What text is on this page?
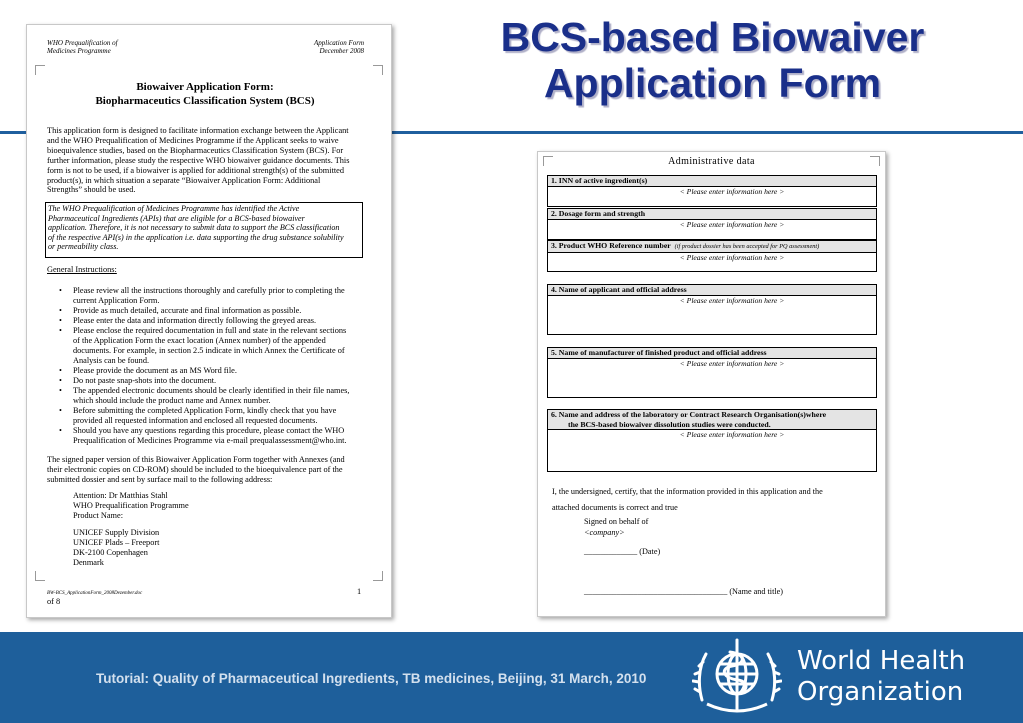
WHO Prequalification of
Medicines Programme
Application Form
December 2008
Biowaiver Application Form:
Biopharmaceutics Classification System (BCS)
This application form is designed to facilitate information exchange between the Applicant
and the WHO Prequalification of Medicines Programme if the Applicant seeks to waive
bioequivalence studies, based on the Biopharmaceutics Classification System (BCS). For
further information, please study the respective WHO biowaiver guidance documents. This
form is not to be used, if a biowaiver is applied for additional strength(s) of the submitted
product(s), in which situation a separate “Biowaiver Application Form: Additional
Strengths” should be used.
The WHO Prequalification of Medicines Programme has identified the Active
Pharmaceutical Ingredients (APIs) that are eligible for a BCS-based biowaiver
application. Therefore, it is not necessary to submit data to support the BCS classification
of the respective API(s) in the application i.e. data supporting the drug substance solubility
or permeability class.
General Instructions:
• Please review all the instructions thoroughly and carefully prior to completing the
current Application Form.
• Provide as much detailed, accurate and final information as possible.
• Please enter the data and information directly following the greyed areas.
• Please enclose the required documentation in full and state in the relevant sections
of the Application Form the exact location (Annex number) of the appended
documents. For example, in section 2.5 indicate in which Annex the Certificate of
Analysis can be found.
• Please provide the document as an MS Word file.
• Do not paste snap-shots into the document.
• The appended electronic documents should be clearly identified in their file names,
which should include the product name and Annex number.
• Before submitting the completed Application Form, kindly check that you have
provided all requested information and enclosed all requested documents.
• Should you have any questions regarding this procedure, please contact the WHO
Prequalification of Medicines Programme via e-mail prequalassessment@who.int.
The signed paper version of this Biowaiver Application Form together with Annexes (and
their electronic copies on CD-ROM) should be included to the bioequivalence part of the
submitted dossier and sent by surface mail to the following address:
Attention: Dr Matthias Stahl
WHO Prequalification Programme
Product Name:
UNICEF Supply Division
UNICEF Plads – Freeport
DK-2100 Copenhagen
Denmark
BW-BCS_ApplicationForm_2008Dezember.doc	1
of 8
BCS-based Biowaiver
Application Form
Administrative data
1. INN of active ingredient(s)
< Please enter information here >
2. Dosage form and strength
< Please enter information here >
3. Product WHO Reference number (if product dossier has been accepted for PQ assessment)
< Please enter information here >
4. Name of applicant and official address
< Please enter information here >
5. Name of manufacturer of finished product and official address
< Please enter information here >
6. Name and address of the laboratory or Contract Research Organisation(s)where
the BCS-based biowaiver dissolution studies were conducted.
< Please enter information here >
I, the undersigned, certify, that the information provided in this application and the
attached documents is correct and true
Signed on behalf of
<company>
_____________ (Date)
___________________________________ (Name and title)
Tutorial: Quality of Pharmaceutical Ingredients, TB medicines, Beijing, 31 March, 2010
World Health
Organization
